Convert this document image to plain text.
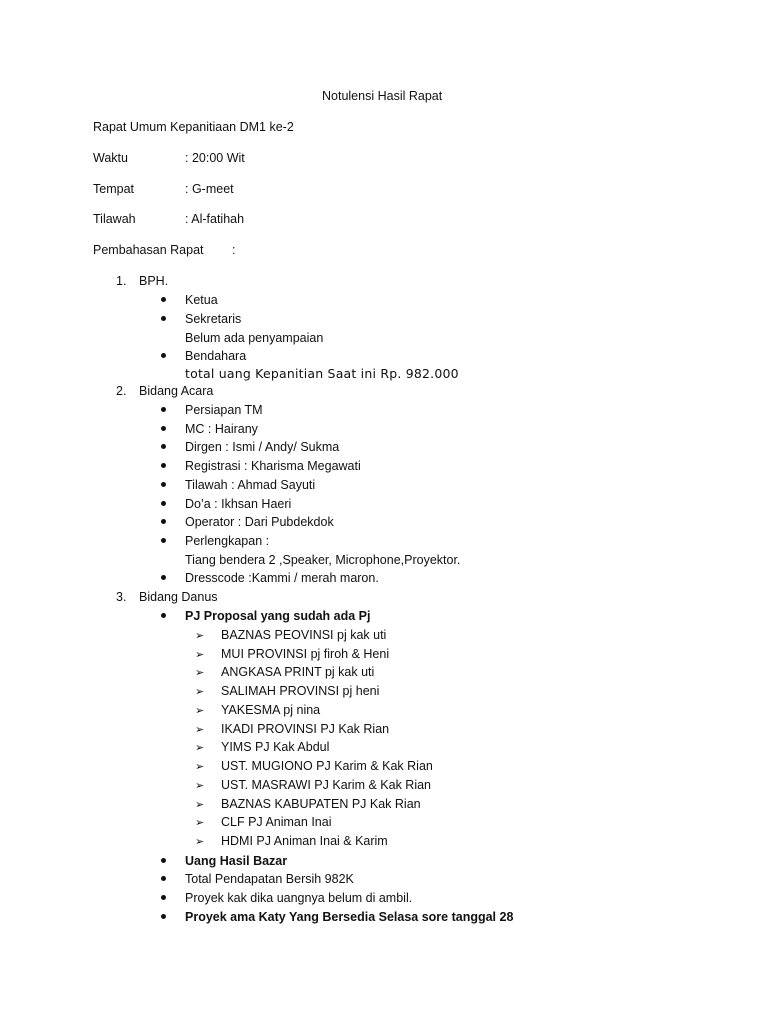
Notulensi Hasil Rapat
Rapat Umum Kepanitiaan DM1 ke-2
Waktu	: 20:00 Wit
Tempat	: G-meet
Tilawah	: Al-fatihah
Pembahasan Rapat :
1. BPH.
Ketua
Sekretaris
Belum ada penyampaian
Bendahara
total uang Kepanitian Saat ini Rp. 982.000
2. Bidang Acara
Persiapan TM
MC : Hairany
Dirgen : Ismi / Andy/ Sukma
Registrasi : Kharisma Megawati
Tilawah : Ahmad Sayuti
Do’a : Ikhsan Haeri
Operator : Dari Pubdekdok
Perlengkapan :
Tiang bendera 2 ,Speaker, Microphone,Proyektor.
Dresscode :Kammi / merah maron.
3. Bidang Danus
PJ Proposal yang sudah ada Pj
➢ BAZNAS PEOVINSI pj kak uti
➢ MUI PROVINSI pj firoh & Heni
➢ ANGKASA PRINT pj kak uti
➢ SALIMAH PROVINSI pj heni
➢ YAKESMA pj nina
➢ IKADI PROVINSI PJ Kak Rian
➢ YIMS PJ Kak Abdul
➢ UST. MUGIONO PJ Karim & Kak Rian
➢ UST. MASRAWI PJ Karim & Kak Rian
➢ BAZNAS KABUPATEN PJ Kak Rian
➢ CLF PJ Animan Inai
➢ HDMI PJ Animan Inai & Karim
Uang Hasil Bazar
Total Pendapatan Bersih 982K
Proyek kak dika uangnya belum di ambil.
Proyek ama Katy Yang Bersedia Selasa sore tanggal 28
